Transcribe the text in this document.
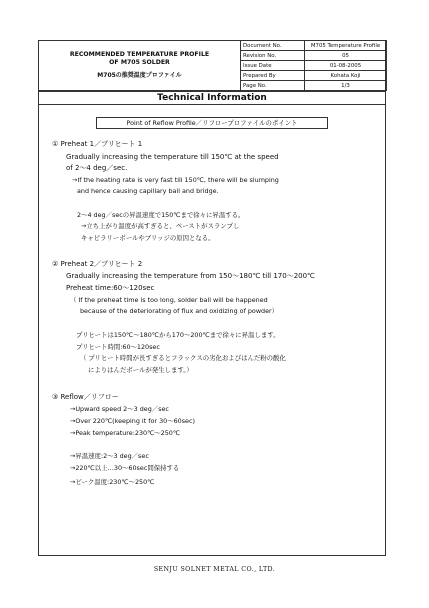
RECOMMENDED TEMPERATURE PROFILE
OF M705 SOLDER
M705の推奨温度プロファイル	Document No.	M705 Temperature Profile
	Revision No.	05
	Issue Date	01-08-2005
	Prepared By	Kohata Koji
	Page No.	1/3
Technical Information
Point of Reflow Profile／リフロープロファイルのポイント
① Preheat 1／プリヒート 1
Gradually increasing the temperature till 150℃ at the speed
of 2～4 deg／sec.
→If the heating rate is very fast till 150℃, there will be slumping
and hence causing capillary ball and bridge.
2～4 deg／secの昇温速度で150℃まで徐々に昇温する。
→立ち上がり温度が高すぎると、ペーストがスランプし
キャピラリーボールやブリッジの原因となる。
② Preheat 2／プリヒート 2
Gradually increasing the temperature from 150～180℃ till 170～200℃
Preheat time:60～120sec
（ If the preheat time is too long, solder ball will be happened
because of the deteriorating of flux and oxidizing of powder）
プリヒートは150℃～180℃から170～200℃まで徐々に昇温します。
プリヒート時間:60～120sec
（ プリヒート時間が長すぎるとフラックスの劣化およびはんだ粉の酸化
によりはんだボールが発生します。）
③ Reflow／リフロー
→Upward speed 2～3 deg／sec
→Over 220℃(keeping it for 30～60sec)
→Peak temperature:230℃～250℃
→昇温速度:2～3 deg／sec
→220℃以上…30～60sec間保持する
→ピーク温度:230℃～250℃
SENJU SOLNET METAL CO., LTD.
